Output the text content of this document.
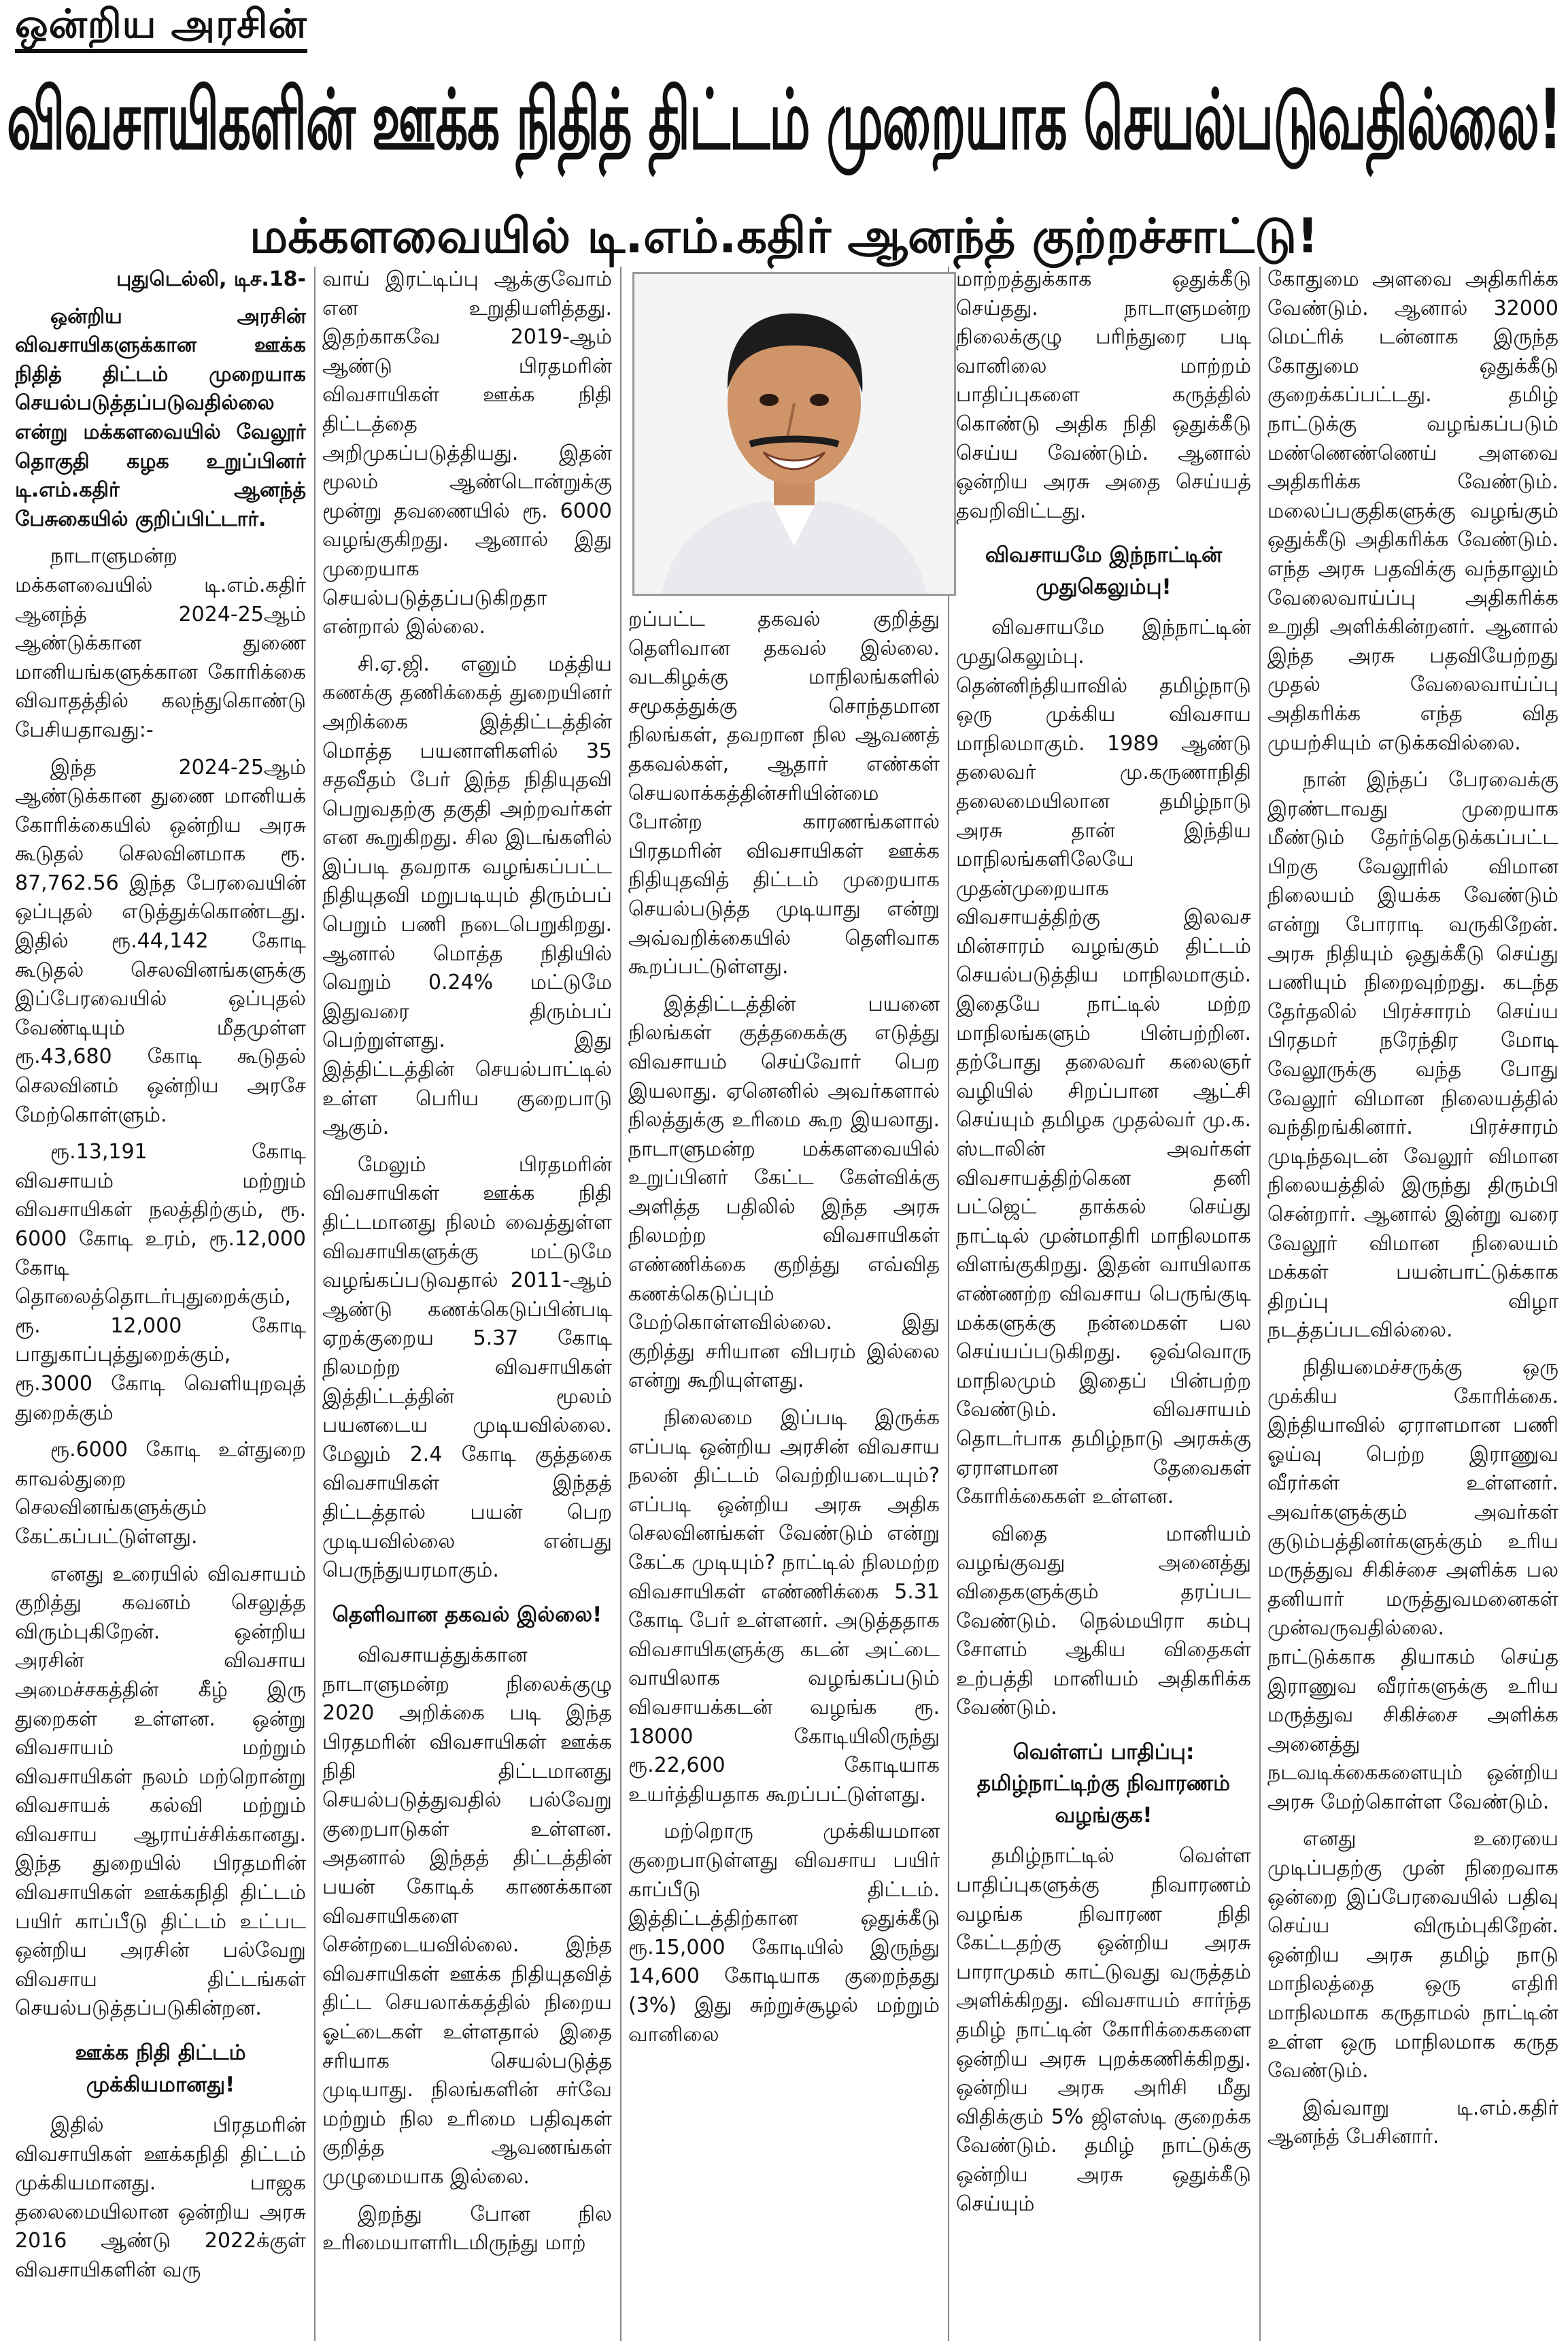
ஒன்றிய அரசின்
விவசாயிகளின் ஊக்க நிதித் திட்டம் முறையாக செயல்படுவதில்லை!
மக்களவையில் டி.எம்.கதிர் ஆனந்த் குற்றச்சாட்டு!

புதுடெல்லி, டிச.18-

ஒன்றிய அரசின் விவசாயிகளுக்கான ஊக்க நிதித் திட்டம் முறையாக செயல்படுத்தப்படுவதில்லை என்று மக்களவையில் வேலூர் தொகுதி கழக உறுப்பினர் டி.எம்.கதிர் ஆனந்த் பேசுகையில் குறிப்பிட்டார்.

நாடாளுமன்ற மக்களவையில் டி.எம்.கதிர் ஆனந்த் 2024-25ஆம் ஆண்டுக்கான துணை மானியங்களுக்கான கோரிக்கை விவாதத்தில் கலந்துகொண்டு பேசியதாவது:-

இந்த 2024-25ஆம் ஆண்டுக்கான துணை மானியக் கோரிக்கையில் ஒன்றிய அரசு கூடுதல் செலவினமாக ரூ. 87,762.56 இந்த பேரவையின் ஒப்புதல் எடுத்துக்கொண்டது. இதில் ரூ.44,142 கோடி கூடுதல் செலவினங்களுக்கு இப்பேரவையில் ஒப்புதல் வேண்டியும் மீதமுள்ள ரூ.43,680 கோடி கூடுதல் செலவினம் ஒன்றிய அரசே மேற்கொள்ளும்.

ரூ.13,191 கோடி விவசாயம் மற்றும் விவசாயிகள் நலத்திற்கும், ரூ. 6000 கோடி உரம், ரூ.12,000 கோடி தொலைத்தொடர்புதுறைக்கும், ரூ. 12,000 கோடி பாதுகாப்புத்துறைக்கும், ரூ.3000 கோடி வெளியுறவுத் துறைக்கும்

ரூ.6000 கோடி உள்துறை காவல்துறை செலவினங்களுக்கும் கேட்கப்பட்டுள்ளது.

எனது உரையில் விவசாயம் குறித்து கவனம் செலுத்த விரும்புகிறேன். ஒன்றிய அரசின் விவசாய அமைச்சகத்தின் கீழ் இரு துறைகள் உள்ளன. ஒன்று விவசாயம் மற்றும் விவசாயிகள் நலம் மற்றொன்று விவசாயக் கல்வி மற்றும் விவசாய ஆராய்ச்சிக்கானது. இந்த துறையில் பிரதமரின் விவசாயிகள் ஊக்கநிதி திட்டம் பயிர் காப்பீடு திட்டம் உட்பட ஒன்றிய அரசின் பல்வேறு விவசாய திட்டங்கள் செயல்படுத்தப்படுகின்றன.

ஊக்க நிதி திட்டம் முக்கியமானது!

இதில் பிரதமரின் விவசாயிகள் ஊக்கநிதி திட்டம் முக்கியமானது. பாஜக தலைமையிலான ஒன்றிய அரசு 2016 ஆண்டு 2022க்குள் விவசாயிகளின் வரு

வாய் இரட்டிப்பு ஆக்குவோம் என உறுதியளித்தது. இதற்காகவே 2019-ஆம் ஆண்டு பிரதமரின் விவசாயிகள் ஊக்க நிதி திட்டத்தை அறிமுகப்படுத்தியது. இதன் மூலம் ஆண்டொன்றுக்கு மூன்று தவணையில் ரூ. 6000 வழங்குகிறது. ஆனால் இது முறையாக செயல்படுத்தப்படுகிறதா என்றால் இல்லை.

சி.ஏ.ஜி. எனும் மத்திய கணக்கு தணிக்கைத் துறையினர் அறிக்கை இத்திட்டத்தின் மொத்த பயனாளிகளில் 35 சதவீதம் பேர் இந்த நிதியுதவி பெறுவதற்கு தகுதி அற்றவர்கள் என கூறுகிறது. சில இடங்களில் இப்படி தவறாக வழங்கப்பட்ட நிதியுதவி மறுபடியும் திரும்பப் பெறும் பணி நடைபெறுகிறது. ஆனால் மொத்த நிதியில் வெறும் 0.24% மட்டுமே இதுவரை திரும்பப் பெற்றுள்ளது. இது இத்திட்டத்தின் செயல்பாட்டில் உள்ள பெரிய குறைபாடு ஆகும்.

மேலும் பிரதமரின் விவசாயிகள் ஊக்க நிதி திட்டமானது நிலம் வைத்துள்ள விவசாயிகளுக்கு மட்டுமே வழங்கப்படுவதால் 2011-ஆம் ஆண்டு கணக்கெடுப்பின்படி ஏறக்குறைய 5.37 கோடி நிலமற்ற விவசாயிகள் இத்திட்டத்தின் மூலம் பயனடைய முடியவில்லை. மேலும் 2.4 கோடி குத்தகை விவசாயிகள் இந்தத் திட்டத்தால் பயன் பெற முடியவில்லை என்பது பெருந்துயரமாகும்.

தெளிவான தகவல் இல்லை!

விவசாயத்துக்கான நாடாளுமன்ற நிலைக்குழு 2020 அறிக்கை படி இந்த பிரதமரின் விவசாயிகள் ஊக்க நிதி திட்டமானது செயல்படுத்துவதில் பல்வேறு குறைபாடுகள் உள்ளன. அதனால் இந்தத் திட்டத்தின் பயன் கோடிக் காணக்கான விவசாயிகளை சென்றடையவில்லை. இந்த விவசாயிகள் ஊக்க நிதியுதவித் திட்ட செயலாக்கத்தில் நிறைய ஓட்டைகள் உள்ளதால் இதை சரியாக செயல்படுத்த முடியாது. நிலங்களின் சர்வே மற்றும் நில உரிமை பதிவுகள் குறித்த ஆவணங்கள் முழுமையாக இல்லை.

இறந்து போன நில உரிமையாளரிடமிருந்து மாற்

றப்பட்ட தகவல் குறித்து தெளிவான தகவல் இல்லை. வடகிழக்கு மாநிலங்களில் சமூகத்துக்கு சொந்தமான நிலங்கள், தவறான நில ஆவணத் தகவல்கள், ஆதார் எண்கள் செயலாக்கத்தின்சரியின்மை போன்ற காரணங்களால் பிரதமரின் விவசாயிகள் ஊக்க நிதியுதவித் திட்டம் முறையாக செயல்படுத்த முடியாது என்று அவ்வறிக்கையில் தெளிவாக கூறப்பட்டுள்ளது.

இத்திட்டத்தின் பயனை நிலங்கள் குத்தகைக்கு எடுத்து விவசாயம் செய்வோர் பெற இயலாது. ஏனெனில் அவர்களால் நிலத்துக்கு உரிமை கூற இயலாது. நாடாளுமன்ற மக்களவையில் உறுப்பினர் கேட்ட கேள்விக்கு அளித்த பதிலில் இந்த அரசு நிலமற்ற விவசாயிகள் எண்ணிக்கை குறித்து எவ்வித கணக்கெடுப்பும் மேற்கொள்ளவில்லை. இது குறித்து சரியான விபரம் இல்லை என்று கூறியுள்ளது.

நிலைமை இப்படி இருக்க எப்படி ஒன்றிய அரசின் விவசாய நலன் திட்டம் வெற்றியடையும்? எப்படி ஒன்றிய அரசு அதிக செலவினங்கள் வேண்டும் என்று கேட்க முடியும்? நாட்டில் நிலமற்ற விவசாயிகள் எண்ணிக்கை 5.31 கோடி பேர் உள்ளனர். அடுத்ததாக விவசாயிகளுக்கு கடன் அட்டை வாயிலாக வழங்கப்படும் விவசாயக்கடன் வழங்க ரூ. 18000 கோடியிலிருந்து ரூ.22,600 கோடியாக உயர்த்தியதாக கூறப்பட்டுள்ளது.

மற்றொரு முக்கியமான குறைபாடுள்ளது விவசாய பயிர் காப்பீடு திட்டம். இத்திட்டத்திற்கான ஒதுக்கீடு ரூ.15,000 கோடியில் இருந்து 14,600 கோடியாக குறைந்தது (3%) இது சுற்றுச்சூழல் மற்றும் வானிலை

மாற்றத்துக்காக ஒதுக்கீடு செய்தது. நாடாளுமன்ற நிலைக்குழு பரிந்துரை படி வானிலை மாற்றம் பாதிப்புகளை கருத்தில் கொண்டு அதிக நிதி ஒதுக்கீடு செய்ய வேண்டும். ஆனால் ஒன்றிய அரசு அதை செய்யத் தவறிவிட்டது.

விவசாயமே இந்நாட்டின் முதுகெலும்பு!

விவசாயமே இந்நாட்டின் முதுகெலும்பு. தென்னிந்தியாவில் தமிழ்நாடு ஒரு முக்கிய விவசாய மாநிலமாகும். 1989 ஆண்டு தலைவர் மு.கருணாநிதி தலைமையிலான தமிழ்நாடு அரசு தான் இந்திய மாநிலங்களிலேயே முதன்முறையாக விவசாயத்திற்கு இலவச மின்சாரம் வழங்கும் திட்டம் செயல்படுத்திய மாநிலமாகும். இதையே நாட்டில் மற்ற மாநிலங்களும் பின்பற்றின. தற்போது தலைவர் கலைஞர் வழியில் சிறப்பான ஆட்சி செய்யும் தமிழக முதல்வர் மு.க. ஸ்டாலின் அவர்கள் விவசாயத்திற்கென தனி பட்ஜெட் தாக்கல் செய்து நாட்டில் முன்மாதிரி மாநிலமாக விளங்குகிறது. இதன் வாயிலாக எண்ணற்ற விவசாய பெருங்குடி மக்களுக்கு நன்மைகள் பல செய்யப்படுகிறது. ஒவ்வொரு மாநிலமும் இதைப் பின்பற்ற வேண்டும். விவசாயம் தொடர்பாக தமிழ்நாடு அரசுக்கு ஏராளமான தேவைகள் கோரிக்கைகள் உள்ளன.

விதை மானியம் வழங்குவது அனைத்து விதைகளுக்கும் தரப்பட வேண்டும். நெல்மயிரா கம்பு சோளம் ஆகிய விதைகள் உற்பத்தி மானியம் அதிகரிக்க வேண்டும்.

வெள்ளப் பாதிப்பு: தமிழ்நாட்டிற்கு நிவாரணம் வழங்குக!

தமிழ்நாட்டில் வெள்ள பாதிப்புகளுக்கு நிவாரணம் வழங்க நிவாரண நிதி கேட்டதற்கு ஒன்றிய அரசு பாராமுகம் காட்டுவது வருத்தம் அளிக்கிறது. விவசாயம் சார்ந்த தமிழ் நாட்டின் கோரிக்கைகளை ஒன்றிய அரசு புறக்கணிக்கிறது. ஒன்றிய அரசு அரிசி மீது விதிக்கும் 5% ஜிஎஸ்டி குறைக்க வேண்டும். தமிழ் நாட்டுக்கு ஒன்றிய அரசு ஒதுக்கீடு செய்யும்

கோதுமை அளவை அதிகரிக்க வேண்டும். ஆனால் 32000 மெட்ரிக் டன்னாக இருந்த கோதுமை ஒதுக்கீடு குறைக்கப்பட்டது. தமிழ் நாட்டுக்கு வழங்கப்படும் மண்ணெண்ணெய் அளவை அதிகரிக்க வேண்டும். மலைப்பகுதிகளுக்கு வழங்கும் ஒதுக்கீடு அதிகரிக்க வேண்டும். எந்த அரசு பதவிக்கு வந்தாலும் வேலைவாய்ப்பு அதிகரிக்க உறுதி அளிக்கின்றனர். ஆனால் இந்த அரசு பதவியேற்றது முதல் வேலைவாய்ப்பு அதிகரிக்க எந்த வித முயற்சியும் எடுக்கவில்லை.

நான் இந்தப் பேரவைக்கு இரண்டாவது முறையாக மீண்டும் தேர்ந்தெடுக்கப்பட்ட பிறகு வேலூரில் விமான நிலையம் இயக்க வேண்டும் என்று போராடி வருகிறேன். அரசு நிதியும் ஒதுக்கீடு செய்து பணியும் நிறைவுற்றது. கடந்த தேர்தலில் பிரச்சாரம் செய்ய பிரதமர் நரேந்திர மோடி வேலூருக்கு வந்த போது வேலூர் விமான நிலையத்தில் வந்திறங்கினார். பிரச்சாரம் முடிந்தவுடன் வேலூர் விமான நிலையத்தில் இருந்து திரும்பி சென்றார். ஆனால் இன்று வரை வேலூர் விமான நிலையம் மக்கள் பயன்பாட்டுக்காக திறப்பு விழா நடத்தப்படவில்லை.

நிதியமைச்சருக்கு ஒரு முக்கிய கோரிக்கை. இந்தியாவில் ஏராளமான பணி ஓய்வு பெற்ற இராணுவ வீரர்கள் உள்ளனர். அவர்களுக்கும் அவர்கள் குடும்பத்தினர்களுக்கும் உரிய மருத்துவ சிகிச்சை அளிக்க பல தனியார் மருத்துவமனைகள் முன்வருவதில்லை. நாட்டுக்காக தியாகம் செய்த இராணுவ வீரர்களுக்கு உரிய மருத்துவ சிகிச்சை அளிக்க அனைத்து நடவடிக்கைகளையும் ஒன்றிய அரசு மேற்கொள்ள வேண்டும்.

எனது உரையை முடிப்பதற்கு முன் நிறைவாக ஒன்றை இப்பேரவையில் பதிவு செய்ய விரும்புகிறேன். ஒன்றிய அரசு தமிழ் நாடு மாநிலத்தை ஒரு எதிரி மாநிலமாக கருதாமல் நாட்டின் உள்ள ஒரு மாநிலமாக கருத வேண்டும்.

இவ்வாறு டி.எம்.கதிர் ஆனந்த் பேசினார்.
